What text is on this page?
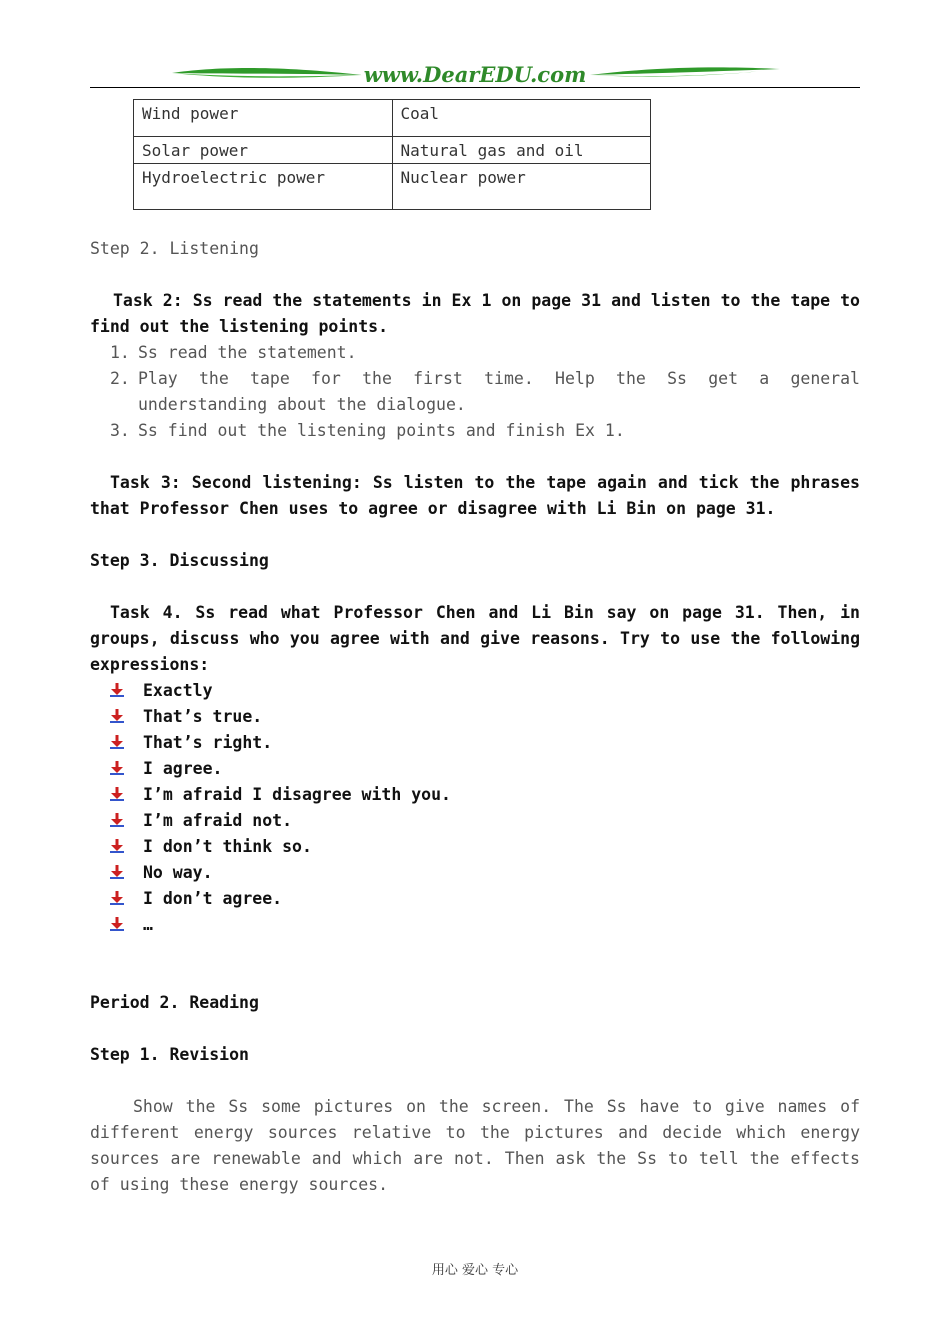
www.DearEDU.com
Wind power	Coal
Solar power	Natural gas and oil
Hydroelectric power	Nuclear power

Step 2. Listening

Task 2: Ss read the statements in Ex 1 on page 31 and listen to the tape to find out the listening points.

1. Ss read the statement.
2. Play the tape for the first time. Help the Ss get a general understanding about the dialogue.
3. Ss find out the listening points and finish Ex 1.

Task 3: Second listening: Ss listen to the tape again and tick the phrases that Professor Chen uses to agree or disagree with Li Bin on page 31.

Step 3. Discussing

Task 4. Ss read what Professor Chen and Li Bin say on page 31. Then, in groups, discuss who you agree with and give reasons. Try to use the following expressions:

Exactly
That’s true.
That’s right.
I agree.
I’m afraid I disagree with you.
I’m afraid not.
I don’t think so.
No way.
I don’t agree.
…

Period 2. Reading

Step 1. Revision

Show the Ss some pictures on the screen. The Ss have to give names of different energy sources relative to the pictures and decide which energy sources are renewable and which are not. Then ask the Ss to tell the effects of using these energy sources.

用心 爱心 专心
